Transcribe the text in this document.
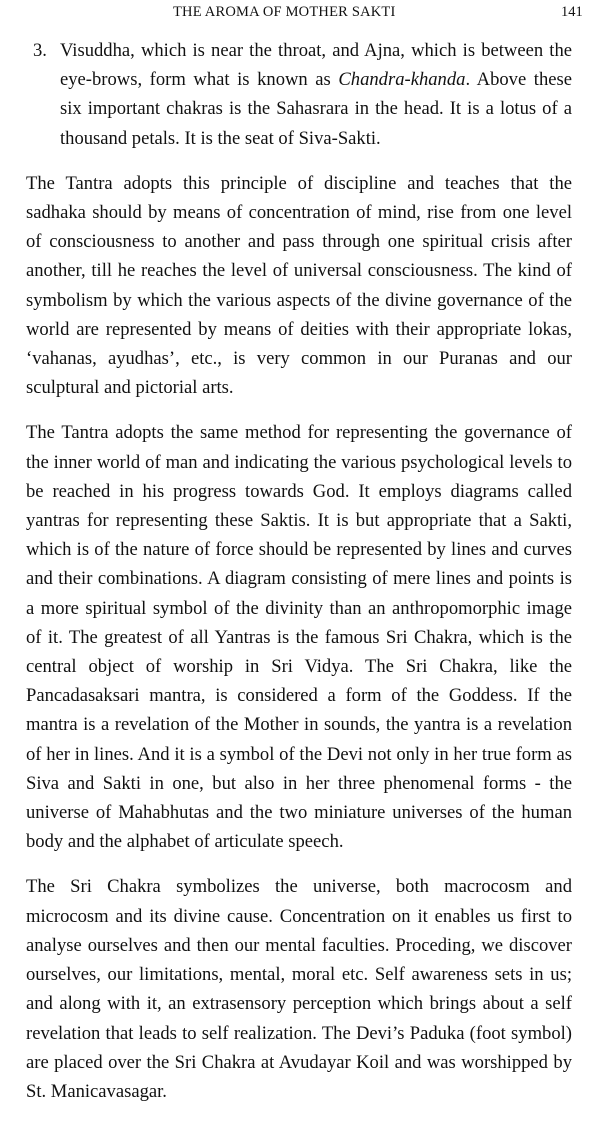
THE AROMA OF MOTHER SAKTI	141

3. Visuddha, which is near the throat, and Ajna, which is between the eye-brows, form what is known as Chandra-khanda. Above these six important chakras is the Sahasrara in the head. It is a lotus of a thousand petals. It is the seat of Siva-Sakti.

The Tantra adopts this principle of discipline and teaches that the sadhaka should by means of concentration of mind, rise from one level of consciousness to another and pass through one spiritual crisis after another, till he reaches the level of universal consciousness. The kind of symbolism by which the various aspects of the divine governance of the world are represented by means of deities with their appropriate lokas, ‘vahanas, ayudhas’, etc., is very common in our Puranas and our sculptural and pictorial arts.

The Tantra adopts the same method for representing the governance of the inner world of man and indicating the various psychological levels to be reached in his progress towards God. It employs diagrams called yantras for representing these Saktis. It is but appropriate that a Sakti, which is of the nature of force should be represented by lines and curves and their combinations. A diagram consisting of mere lines and points is a more spiritual symbol of the divinity than an anthropomorphic image of it. The greatest of all Yantras is the famous Sri Chakra, which is the central object of worship in Sri Vidya. The Sri Chakra, like the Pancadasaksari mantra, is considered a form of the Goddess. If the mantra is a revelation of the Mother in sounds, the yantra is a revelation of her in lines. And it is a symbol of the Devi not only in her true form as Siva and Sakti in one, but also in her three phenomenal forms - the universe of Mahabhutas and the two miniature universes of the human body and the alphabet of articulate speech.

The Sri Chakra symbolizes the universe, both macrocosm and microcosm and its divine cause. Concentration on it enables us first to analyse ourselves and then our mental faculties. Proceding, we discover ourselves, our limitations, mental, moral etc. Self awareness sets in us; and along with it, an extrasensory perception which brings about a self revelation that leads to self realization. The Devi’s Paduka (foot symbol) are placed over the Sri Chakra at Avudayar Koil and was worshipped by St. Manicavasagar.
